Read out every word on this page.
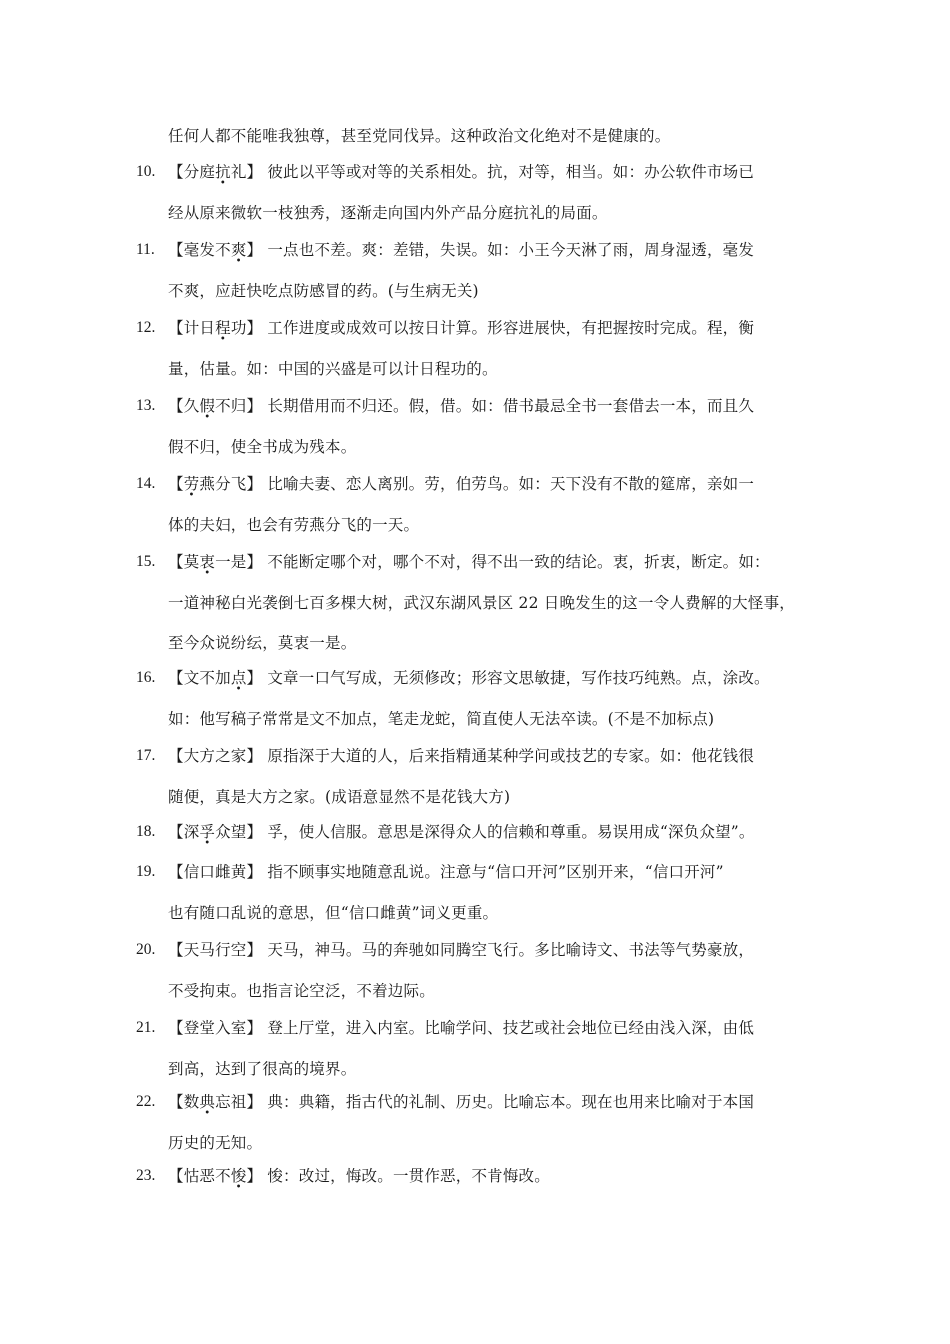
任何人都不能唯我独尊，甚至党同伐异。这种政治文化绝对不是健康的。
10. 【分庭抗
•
礼】 彼此以平等或对等的关系相处。抗，对等，相当。如：办公软件市场已
经从原来微软一枝独秀，逐渐走向国内外产品分庭抗礼的局面。
11. 【毫发不爽
•
】 一点也不差。爽：差错，失误。如：小王今天淋了雨，周身湿透，毫发
不爽，应赶快吃点防感冒的药。(与生病无关)
12. 【计日程
•
功】 工作进度或成效可以按日计算。形容进展快，有把握按时完成。程，衡
量，估量。如：中国的兴盛是可以计日程功的。
13. 【久假
•
不归】 长期借用而不归还。假，借。如：借书最忌全书一套借去一本，而且久
假不归，使全书成为残本。
14. 【劳
•
燕分飞】 比喻夫妻、恋人离别。劳，伯劳鸟。如：天下没有不散的筵席，亲如一
体的夫妇，也会有劳燕分飞的一天。
15. 【莫衷
•
一是】 不能断定哪个对，哪个不对，得不出一致的结论。衷，折衷，断定。如：
一道神秘白光袭倒七百多棵大树，武汉东湖风景区 22 日晚发生的这一令人费解的大怪事，
至今众说纷纭，莫衷一是。
16. 【文不加点
•
】 文章一口气写成，无须修改；形容文思敏捷，写作技巧纯熟。点，涂改。
如：他写稿子常常是文不加点，笔走龙蛇，简直使人无法卒读。(不是不加标点)
17. 【大方之家】 原指深于大道的人，后来指精通某种学问或技艺的专家。如：他花钱很
随便，真是大方之家。(成语意显然不是花钱大方)
18. 【深孚
•
众望】 孚，使人信服。意思是深得众人的信赖和尊重。易误用成“深负众望”。
19. 【信口雌黄】 指不顾事实地随意乱说。注意与“信口开河”区别开来，“信口开河”
也有随口乱说的意思，但“信口雌黄”词义更重。
20. 【天马行空】 天马，神马。马的奔驰如同腾空飞行。多比喻诗文、书法等气势豪放，
不受拘束。也指言论空泛，不着边际。
21. 【登堂入室】 登上厅堂，进入内室。比喻学问、技艺或社会地位已经由浅入深，由低
到高，达到了很高的境界。
22. 【数典
•
忘祖】 典：典籍，指古代的礼制、历史。比喻忘本。现在也用来比喻对于本国
历史的无知。
23. 【怙恶不悛
•
】 悛：改过，悔改。一贯作恶，不肯悔改。
